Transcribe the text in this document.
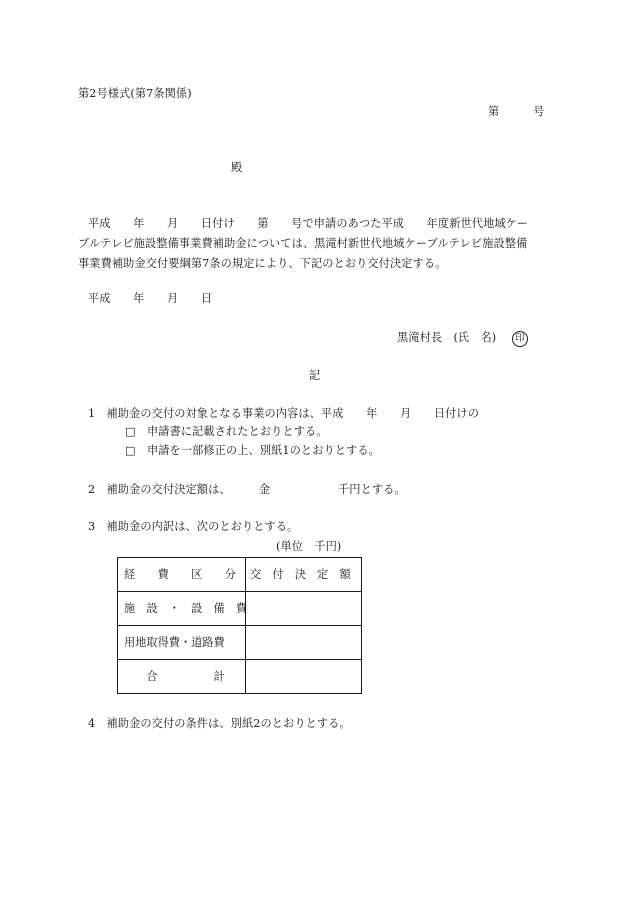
第2号様式(第7条関係)
第　　　号
殿
平成　　年　　月　　日付け　　第　　号で申請のあつた平成　　年度新世代地域ケー
ブルテレビ施設整備事業費補助金については、黒滝村新世代地域ケーブルテレビ施設整備
事業費補助金交付要綱第7条の規定により、下記のとおり交付決定する。
平成　　年　　月　　日
黒滝村長　(氏　名)	印
記
1　補助金の交付の対象となる事業の内容は、平成　　年　　月　　日付けの
□　申請書に記載されたとおりとする。
□　申請を一部修正の上、別紙1のとおりとする。
2　補助金の交付決定額は、　　　金　　　　　　千円とする。
3　補助金の内訳は、次のとおりとする。
(単位　千円)
経　　費　　区　　分	交　付　決　定　額
施　設　・　設　備　費	
用地取得費・道路費	
　　合　　　　　計	
4　補助金の交付の条件は、別紙2のとおりとする。
